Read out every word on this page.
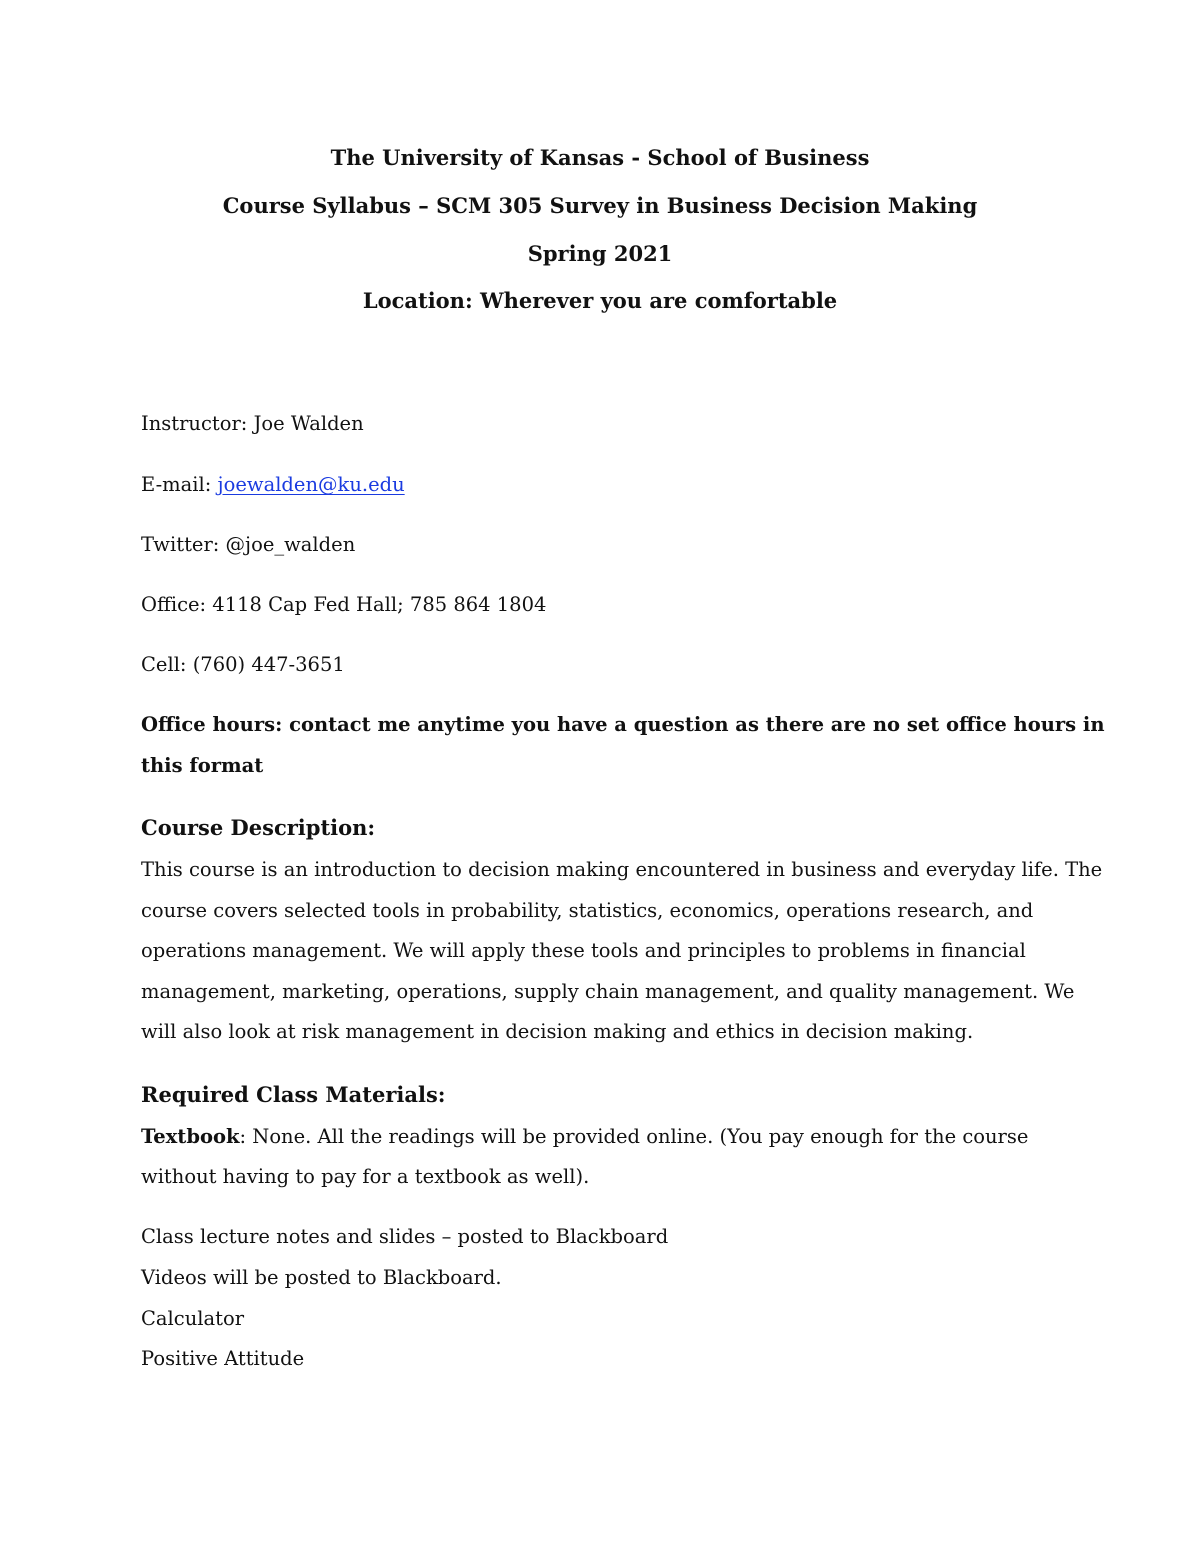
The University of Kansas - School of Business
Course Syllabus – SCM 305 Survey in Business Decision Making
Spring 2021
Location: Wherever you are comfortable
Instructor: Joe Walden
E-mail: joewalden@ku.edu
Twitter: @joe_walden
Office: 4118 Cap Fed Hall; 785 864 1804
Cell: (760) 447-3651
Office hours: contact me anytime you have a question as there are no set office hours in
this format
Course Description:
This course is an introduction to decision making encountered in business and everyday life. The
course covers selected tools in probability, statistics, economics, operations research, and
operations management. We will apply these tools and principles to problems in financial
management, marketing, operations, supply chain management, and quality management. We
will also look at risk management in decision making and ethics in decision making.
Required Class Materials:
Textbook: None. All the readings will be provided online. (You pay enough for the course
without having to pay for a textbook as well).
Class lecture notes and slides – posted to Blackboard
Videos will be posted to Blackboard.
Calculator
Positive Attitude
